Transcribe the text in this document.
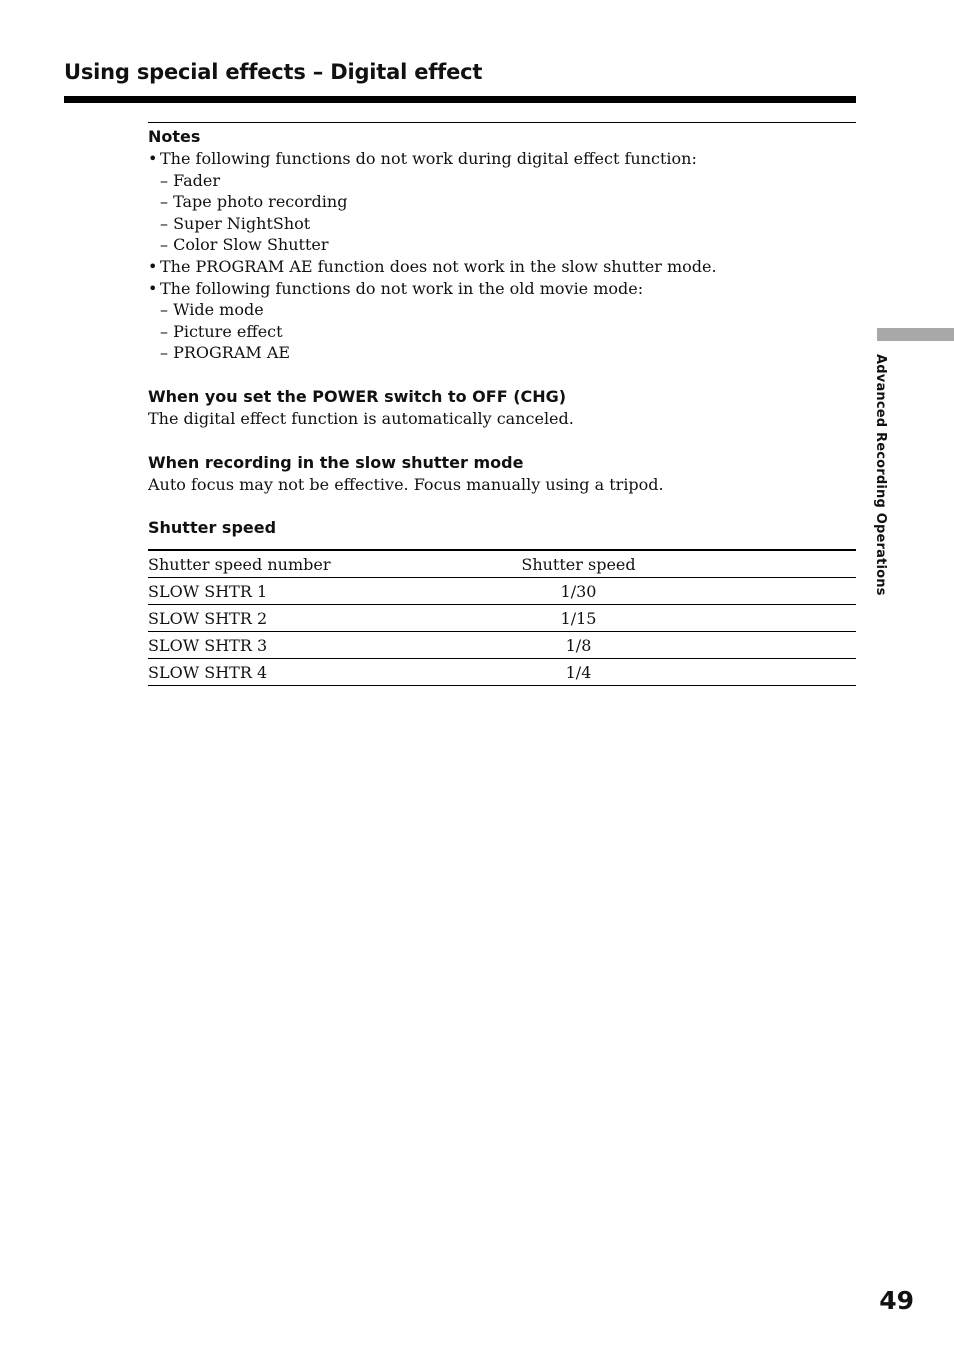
Using special effects – Digital effect

Notes

• The following functions do not work during digital effect function:
– Fader
– Tape photo recording
– Super NightShot
– Color Slow Shutter
• The PROGRAM AE function does not work in the slow shutter mode.
• The following functions do not work in the old movie mode:
– Wide mode
– Picture effect
– PROGRAM AE

When you set the POWER switch to OFF (CHG)

The digital effect function is automatically canceled.

When recording in the slow shutter mode

Auto focus may not be effective. Focus manually using a tripod.

Shutter speed

Shutter speed number	Shutter speed	
SLOW SHTR 1	1/30	
SLOW SHTR 2	1/15	
SLOW SHTR 3	1/8	
SLOW SHTR 4	1/4	
Advanced Recording Operations

49
